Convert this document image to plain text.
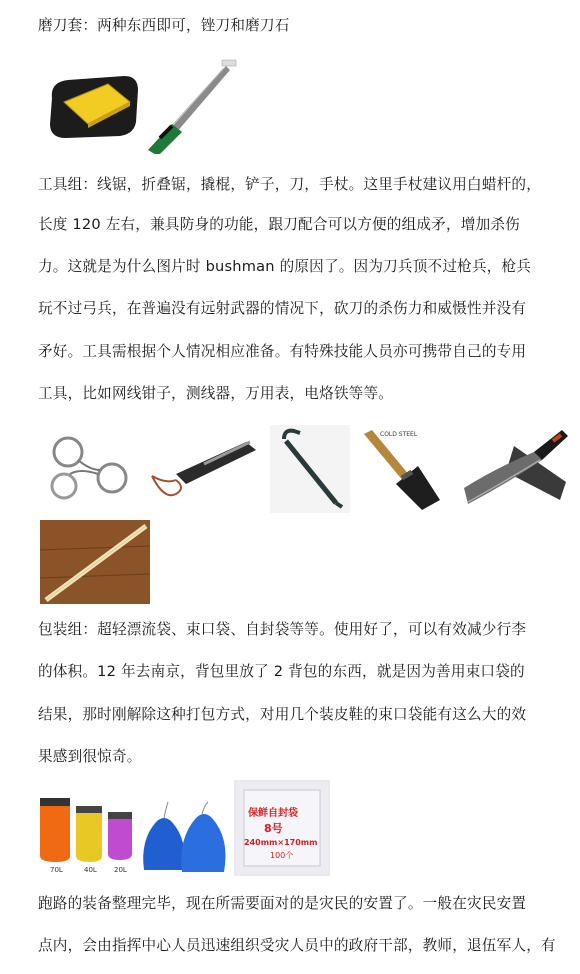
磨刀套：两种东西即可，锉刀和磨刀石
工具组：线锯，折叠锯，撬棍，铲子，刀，手杖。这里手杖建议用白蜡杆的，
长度 120 左右，兼具防身的功能，跟刀配合可以方便的组成矛，增加杀伤
力。这就是为什么图片时 bushman 的原因了。因为刀兵顶不过枪兵，枪兵
玩不过弓兵，在普遍没有远射武器的情况下，砍刀的杀伤力和威慑性并没有
矛好。工具需根据个人情况相应准备。有特殊技能人员亦可携带自己的专用
工具，比如网线钳子，测线器，万用表，电烙铁等等。
COLD STEEL
包装组：超轻漂流袋、束口袋、自封袋等等。使用好了，可以有效减少行李
的体积。12 年去南京，背包里放了 2 背包的东西，就是因为善用束口袋的
结果，那时刚解除这种打包方式，对用几个装皮鞋的束口袋能有这么大的效
果感到很惊奇。
70L	40L 20L
保鲜自封袋
8号
240mm×170mm
100个
跑路的装备整理完毕，现在所需要面对的是灾民的安置了。一般在灾民安置
点内，会由指挥中心人员迅速组织受灾人员中的政府干部，教师，退伍军人，有
